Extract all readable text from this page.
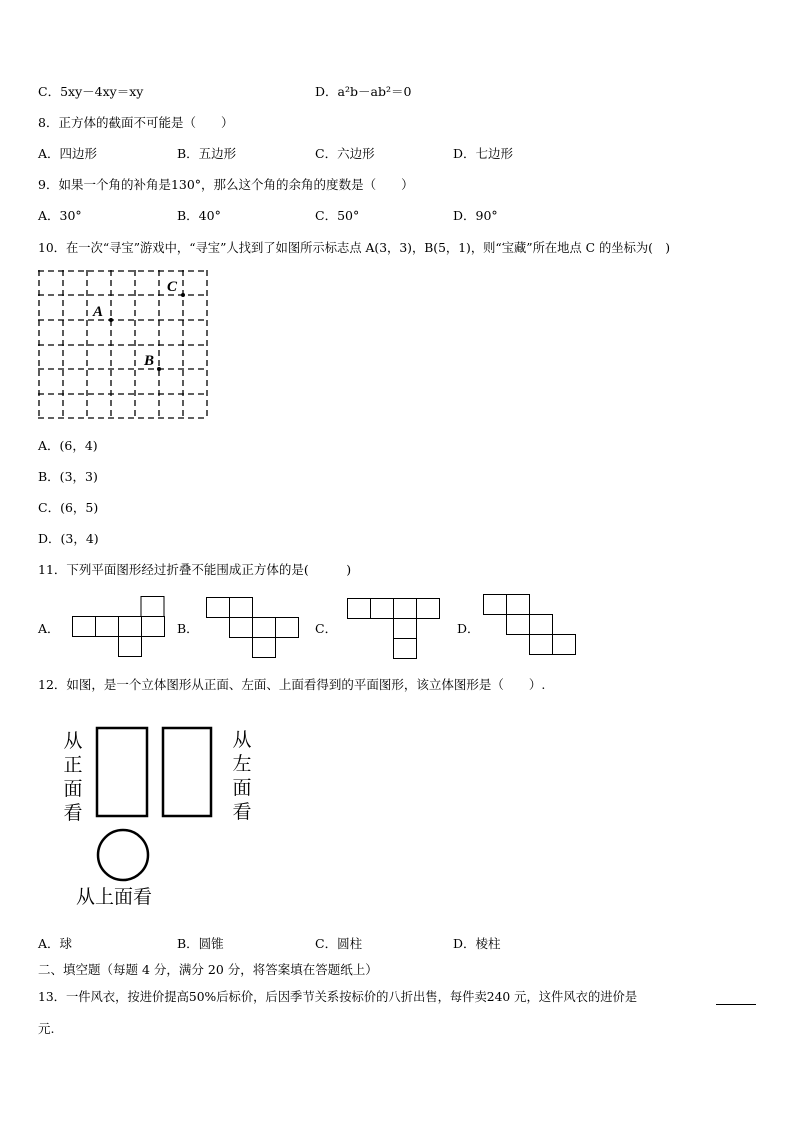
C．5xy－4xy＝xy	D．a²b－ab²＝0
8．正方体的截面不可能是（　　）
A．四边形	B．五边形	C．六边形	D．七边形
9．如果一个角的补角是130°，那么这个角的余角的度数是（　　）
A．30°	B．40°	C．50°	D．90°
10．在一次“寻宝”游戏中，“寻宝”人找到了如图所示标志点 A(3，3)，B(5，1)，则“宝藏”所在地点 C 的坐标为(　)
A
B
C
A．(6，4)
B．(3，3)
C．(6，5)
D．(3，4)
11．下列平面图形经过折叠不能围成正方体的是(　　　)
A．	B．	C．	D．
12．如图，是一个立体图形从正面、左面、上面看得到的平面图形，该立体图形是（　　）.
从
正
面
看
从
左
面
看
从上面看
A．球	B．圆锥	C．圆柱	D．棱柱
二、填空题（每题 4 分，满分 20 分，将答案填在答题纸上）
13．一件风衣，按进价提高50%后标价，后因季节关系按标价的八折出售，每件卖240 元，这件风衣的进价是
元.
